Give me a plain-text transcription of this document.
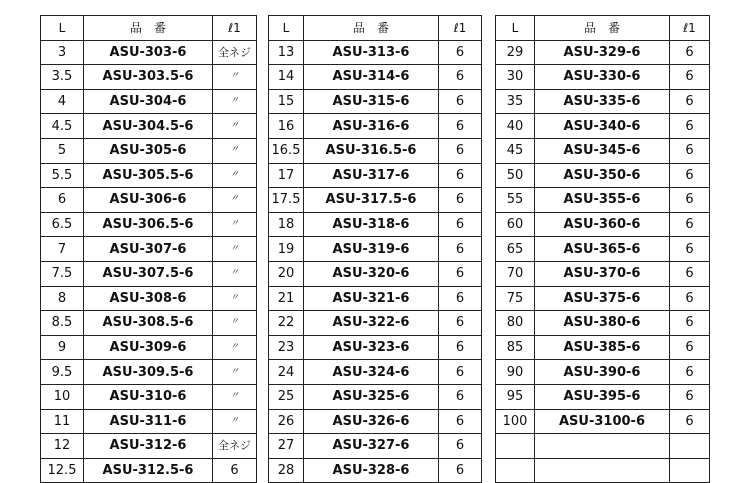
L	品　番	ℓ1
3	ASU-303-6	全ネジ
3.5	ASU-303.5-6	〃
4	ASU-304-6	〃
4.5	ASU-304.5-6	〃
5	ASU-305-6	〃
5.5	ASU-305.5-6	〃
6	ASU-306-6	〃
6.5	ASU-306.5-6	〃
7	ASU-307-6	〃
7.5	ASU-307.5-6	〃
8	ASU-308-6	〃
8.5	ASU-308.5-6	〃
9	ASU-309-6	〃
9.5	ASU-309.5-6	〃
10	ASU-310-6	〃
11	ASU-311-6	〃
12	ASU-312-6	全ネジ
12.5	ASU-312.5-6	6
L	品　番	ℓ1
13	ASU-313-6	6
14	ASU-314-6	6
15	ASU-315-6	6
16	ASU-316-6	6
16.5	ASU-316.5-6	6
17	ASU-317-6	6
17.5	ASU-317.5-6	6
18	ASU-318-6	6
19	ASU-319-6	6
20	ASU-320-6	6
21	ASU-321-6	6
22	ASU-322-6	6
23	ASU-323-6	6
24	ASU-324-6	6
25	ASU-325-6	6
26	ASU-326-6	6
27	ASU-327-6	6
28	ASU-328-6	6
L	品　番	ℓ1
29	ASU-329-6	6
30	ASU-330-6	6
35	ASU-335-6	6
40	ASU-340-6	6
45	ASU-345-6	6
50	ASU-350-6	6
55	ASU-355-6	6
60	ASU-360-6	6
65	ASU-365-6	6
70	ASU-370-6	6
75	ASU-375-6	6
80	ASU-380-6	6
85	ASU-385-6	6
90	ASU-390-6	6
95	ASU-395-6	6
100	ASU-3100-6	6
